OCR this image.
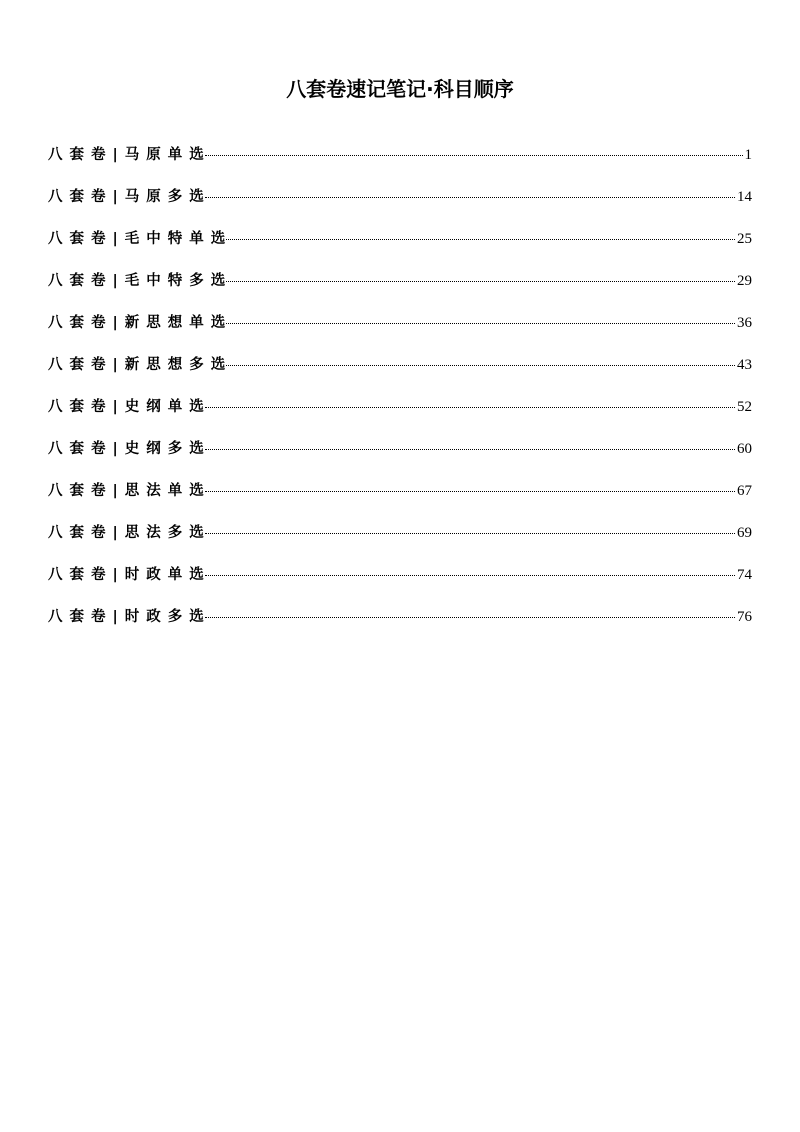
八套卷速记笔记·科目顺序
八套卷|马原单选	1
八套卷|马原多选	14
八套卷|毛中特单选	25
八套卷|毛中特多选	29
八套卷|新思想单选	36
八套卷|新思想多选	43
八套卷|史纲单选	52
八套卷|史纲多选	60
八套卷|思法单选	67
八套卷|思法多选	69
八套卷|时政单选	74
八套卷|时政多选	76
